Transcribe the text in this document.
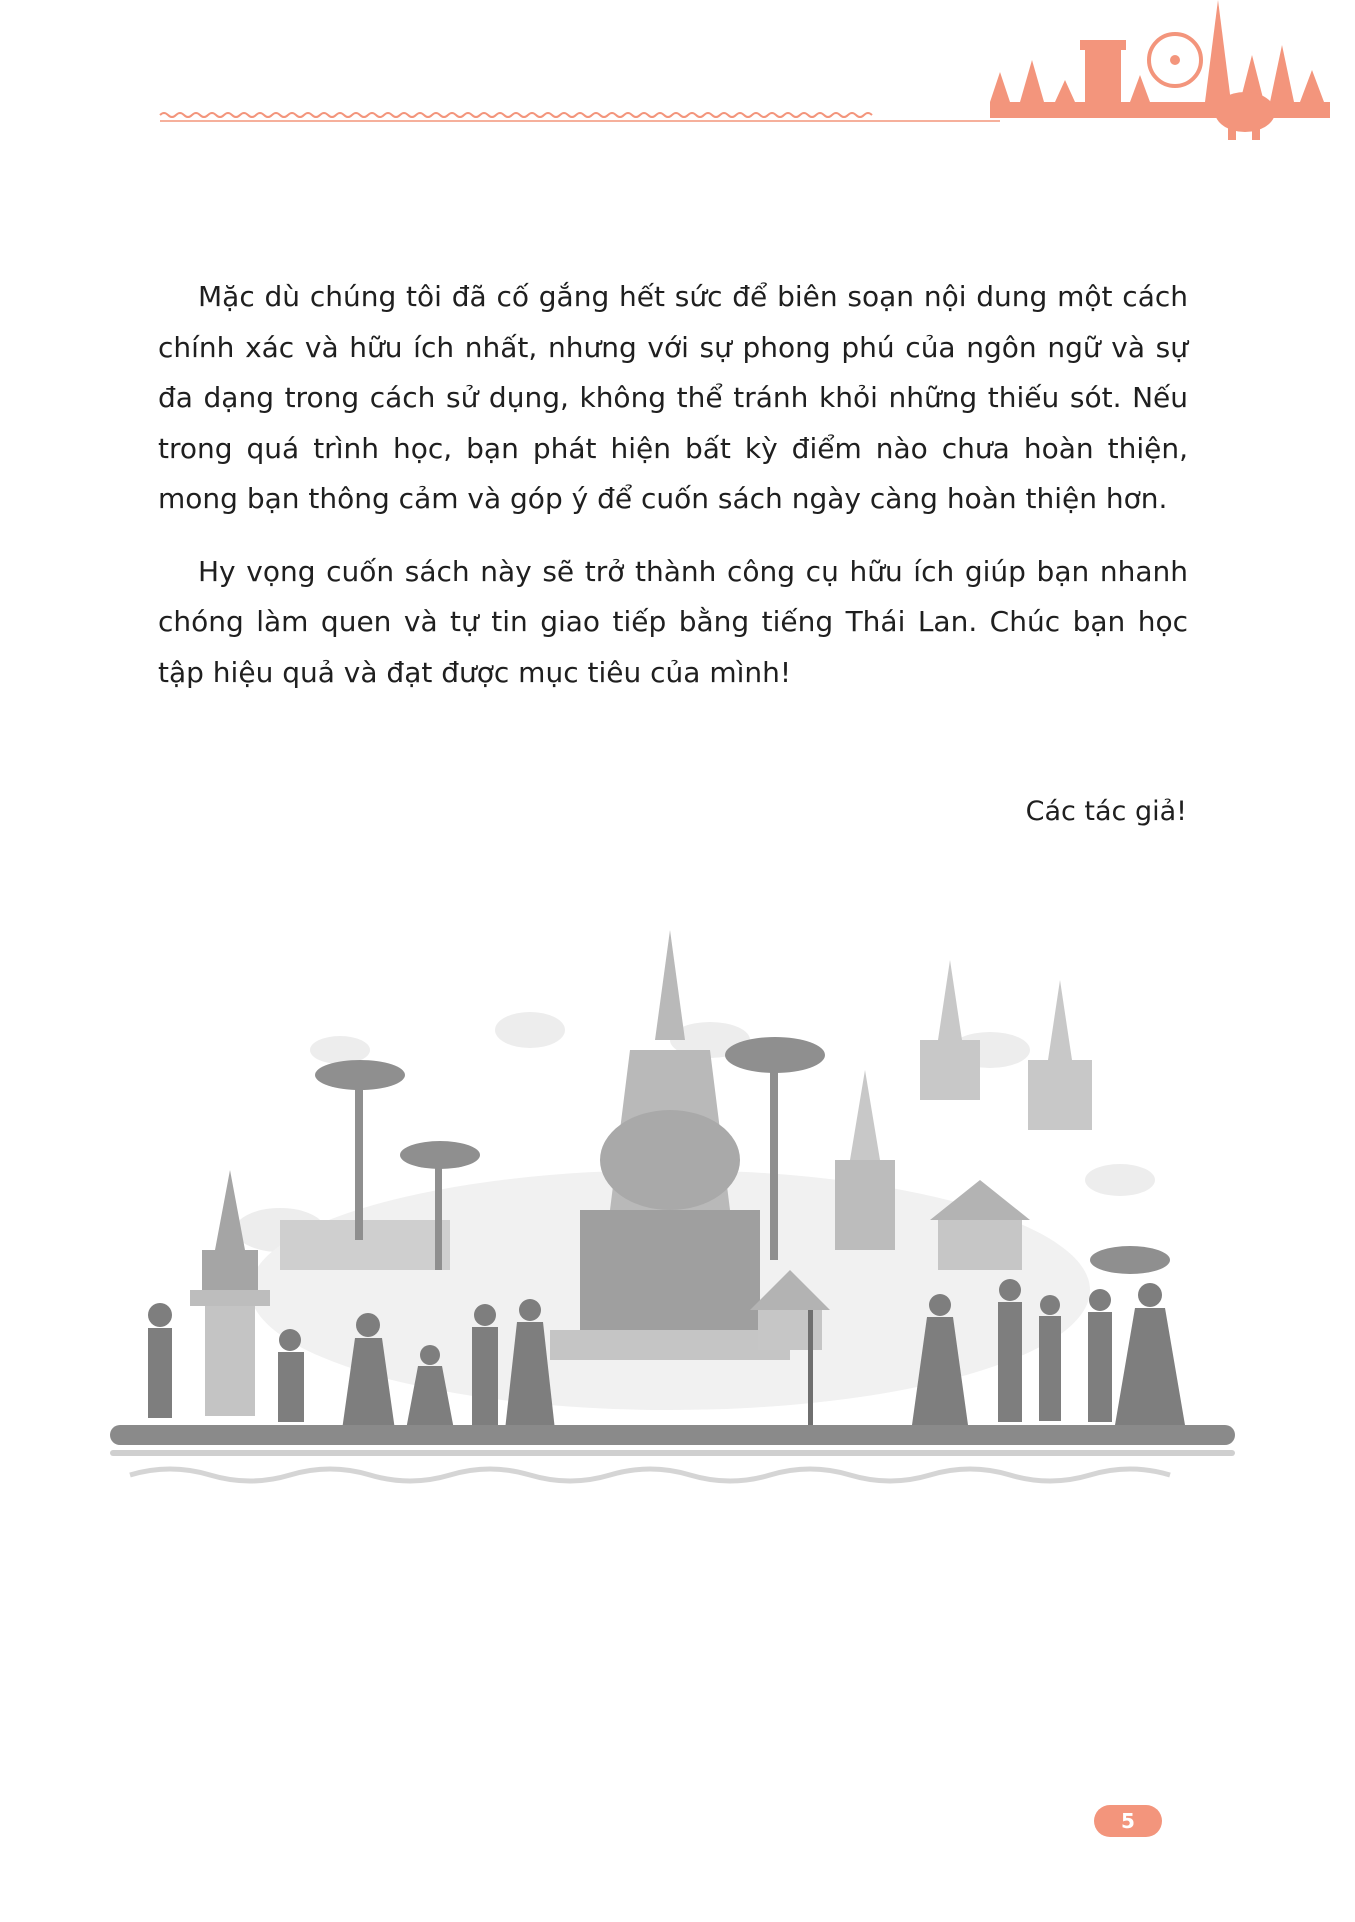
Mặc dù chúng tôi đã cố gắng hết sức để biên soạn nội dung một cách chính xác và hữu ích nhất, nhưng với sự phong phú của ngôn ngữ và sự đa dạng trong cách sử dụng, không thể tránh khỏi những thiếu sót. Nếu trong quá trình học, bạn phát hiện bất kỳ điểm nào chưa hoàn thiện, mong bạn thông cảm và góp ý để cuốn sách ngày càng hoàn thiện hơn.

Hy vọng cuốn sách này sẽ trở thành công cụ hữu ích giúp bạn nhanh chóng làm quen và tự tin giao tiếp bằng tiếng Thái Lan. Chúc bạn học tập hiệu quả và đạt được mục tiêu của mình!

Các tác giả!

5
